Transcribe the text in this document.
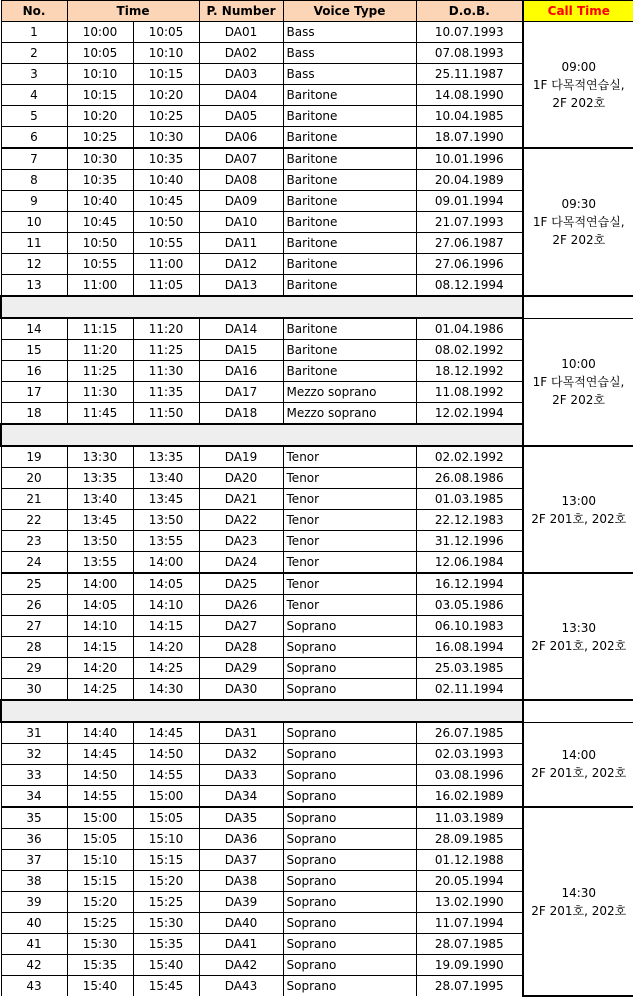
No.	Time		P. Number	Voice Type	D.o.B.	Call Time	
1	10:00	10:05	DA01	Bass	10.07.1993	09:00
1F 다목적연습실,
2F 202호	

2	10:05	10:10	DA02	Bass	07.08.1993		
3	10:10	10:15	DA03	Bass	25.11.1987		
4	10:15	10:20	DA04	Baritone	14.08.1990		
5	10:20	10:25	DA05	Baritone	10.04.1985		
6	10:25	10:30	DA06	Baritone	18.07.1990		
7	10:30	10:35	DA07	Baritone	10.01.1996	09:30
1F 다목적연습실,
2F 202호	

8	10:35	10:40	DA08	Baritone	20.04.1989		
9	10:40	10:45	DA09	Baritone	09.01.1994		
10	10:45	10:50	DA10	Baritone	21.07.1993		
11	10:50	10:55	DA11	Baritone	27.06.1987		
12	10:55	11:00	DA12	Baritone	27.06.1996		
13	11:00	11:05	DA13	Baritone	08.12.1994		

14	11:15	11:20	DA14	Baritone	01.04.1986	10:00
1F 다목적연습실,
2F 202호	

15	11:20	11:25	DA15	Baritone	08.02.1992		
16	11:25	11:30	DA16	Baritone	18.12.1992		
17	11:30	11:35	DA17	Mezzo soprano	11.08.1992		
18	11:45	11:50	DA18	Mezzo soprano	12.02.1994		

19	13:30	13:35	DA19	Tenor	02.02.1992	13:00
2F 201호, 202호	

20	13:35	13:40	DA20	Tenor	26.08.1986		
21	13:40	13:45	DA21	Tenor	01.03.1985		
22	13:45	13:50	DA22	Tenor	22.12.1983		
23	13:50	13:55	DA23	Tenor	31.12.1996		
24	13:55	14:00	DA24	Tenor	12.06.1984		
25	14:00	14:05	DA25	Tenor	16.12.1994	13:30
2F 201호, 202호	

26	14:05	14:10	DA26	Tenor	03.05.1986		
27	14:10	14:15	DA27	Soprano	06.10.1983		
28	14:15	14:20	DA28	Soprano	16.08.1994		
29	14:20	14:25	DA29	Soprano	25.03.1985		
30	14:25	14:30	DA30	Soprano	02.11.1994		

31	14:40	14:45	DA31	Soprano	26.07.1985	14:00
2F 201호, 202호	

32	14:45	14:50	DA32	Soprano	02.03.1993		
33	14:50	14:55	DA33	Soprano	03.08.1996		
34	14:55	15:00	DA34	Soprano	16.02.1989		
35	15:00	15:05	DA35	Soprano	11.03.1989	14:30
2F 201호, 202호	

36	15:05	15:10	DA36	Soprano	28.09.1985		
37	15:10	15:15	DA37	Soprano	01.12.1988		
38	15:15	15:20	DA38	Soprano	20.05.1994		
39	15:20	15:25	DA39	Soprano	13.02.1990		
40	15:25	15:30	DA40	Soprano	11.07.1994		
41	15:30	15:35	DA41	Soprano	28.07.1985		
42	15:35	15:40	DA42	Soprano	19.09.1990		
43	15:40	15:45	DA43	Soprano	28.07.1995		
